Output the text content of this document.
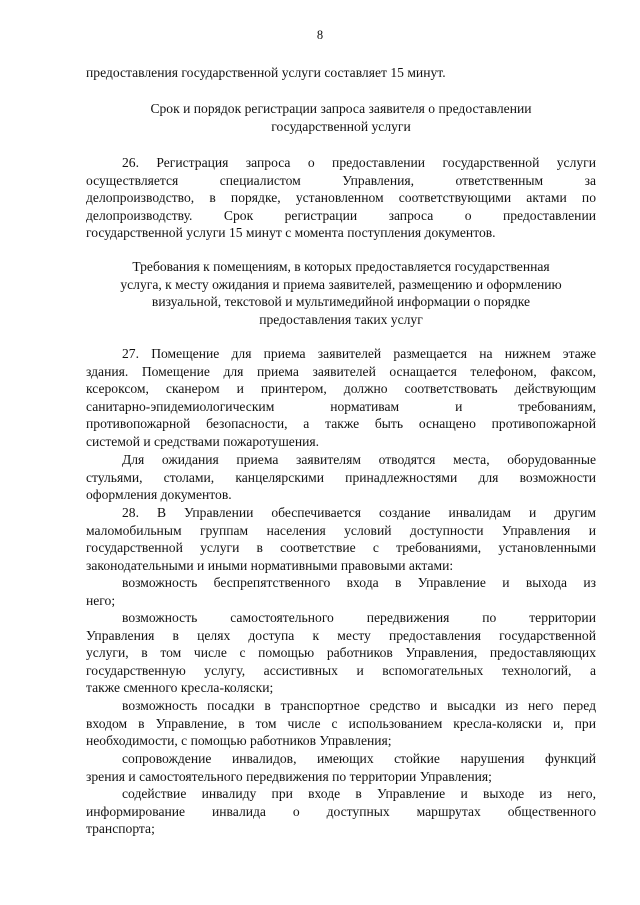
8
предоставления государственной услуги составляет 15 минут.
Срок и порядок регистрации запроса заявителя о предоставлении
государственной услуги
26. Регистрация запроса о предоставлении государственной услуги
осуществляется специалистом Управления, ответственным за
делопроизводство, в порядке, установленном соответствующими актами по
делопроизводству. Срок регистрации запроса о предоставлении
государственной услуги 15 минут с момента поступления документов.
Требования к помещениям, в которых предоставляется государственная
услуга, к месту ожидания и приема заявителей, размещению и оформлению
визуальной, текстовой и мультимедийной информации о порядке
предоставления таких услуг
27. Помещение для приема заявителей размещается на нижнем этаже
здания. Помещение для приема заявителей оснащается телефоном, факсом,
ксероксом, сканером и принтером, должно соответствовать действующим
санитарно-эпидемиологическим нормативам и требованиям,
противопожарной безопасности, а также быть оснащено противопожарной
системой и средствами пожаротушения.
Для ожидания приема заявителям отводятся места, оборудованные
стульями, столами, канцелярскими принадлежностями для возможности
оформления документов.
28. В Управлении обеспечивается создание инвалидам и другим
маломобильным группам населения условий доступности Управления и
государственной услуги в соответствие с требованиями, установленными
законодательными и иными нормативными правовыми актами:
возможность беспрепятственного входа в Управление и выхода из
него;
возможность самостоятельного передвижения по территории
Управления в целях доступа к месту предоставления государственной
услуги, в том числе с помощью работников Управления, предоставляющих
государственную услугу, ассистивных и вспомогательных технологий, а
также сменного кресла-коляски;
возможность посадки в транспортное средство и высадки из него перед
входом в Управление, в том числе с использованием кресла-коляски и, при
необходимости, с помощью работников Управления;
сопровождение инвалидов, имеющих стойкие нарушения функций
зрения и самостоятельного передвижения по территории Управления;
содействие инвалиду при входе в Управление и выходе из него,
информирование инвалида о доступных маршрутах общественного
транспорта;
